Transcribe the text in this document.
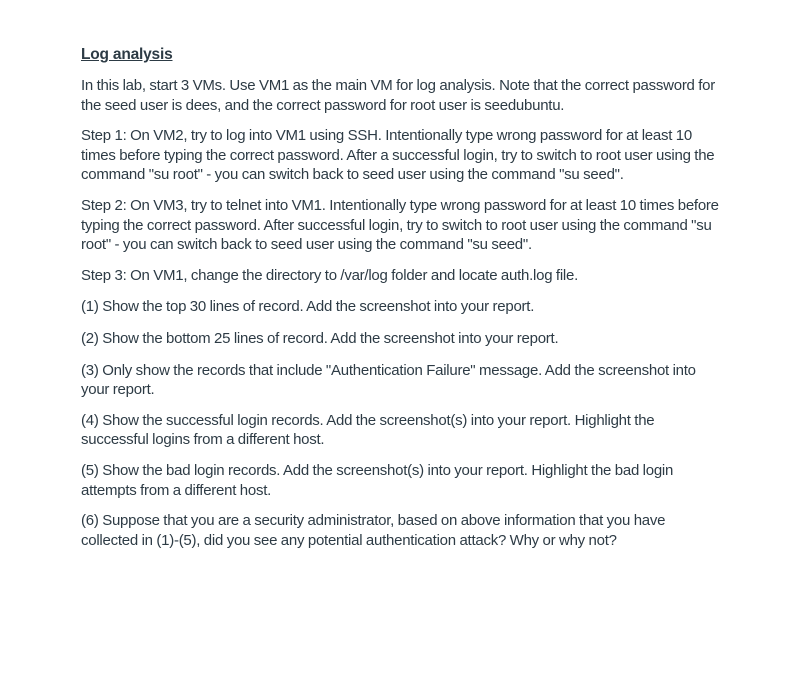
Log analysis

In this lab, start 3 VMs. Use VM1 as the main VM for log analysis. Note that the correct password for the seed user is dees, and the correct password for root user is seedubuntu.

Step 1: On VM2, try to log into VM1 using SSH. Intentionally type wrong password for at least 10 times before typing the correct password. After a successful login, try to switch to root user using the command "su root" - you can switch back to seed user using the command "su seed".

Step 2: On VM3, try to telnet into VM1. Intentionally type wrong password for at least 10 times before typing the correct password. After successful login, try to switch to root user using the command "su root" - you can switch back to seed user using the command "su seed".

Step 3: On VM1, change the directory to /var/log folder and locate auth.log file.

(1) Show the top 30 lines of record. Add the screenshot into your report.

(2) Show the bottom 25 lines of record. Add the screenshot into your report.

(3) Only show the records that include "Authentication Failure" message. Add the screenshot into your report.

(4) Show the successful login records. Add the screenshot(s) into your report. Highlight the successful logins from a different host.

(5) Show the bad login records. Add the screenshot(s) into your report. Highlight the bad login attempts from a different host.

(6) Suppose that you are a security administrator, based on above information that you have collected in (1)-(5), did you see any potential authentication attack? Why or why not?
